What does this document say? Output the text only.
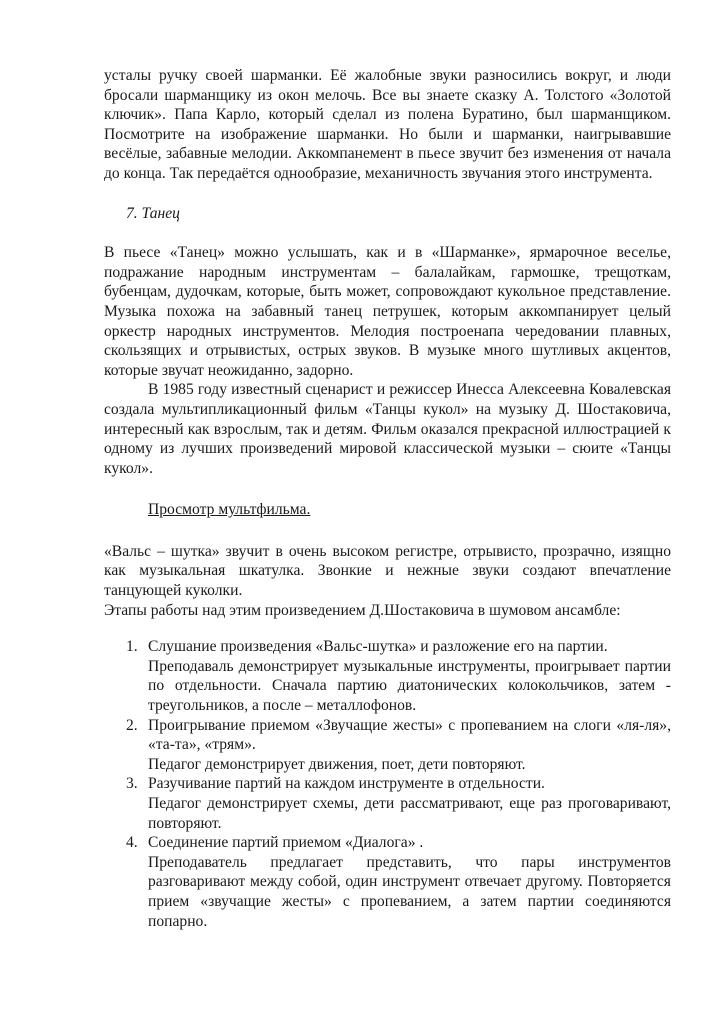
усталы ручку своей шарманки. Её жалобные звуки разносились вокруг, и люди бросали шарманщику из окон мелочь. Все вы знаете сказку А. Толстого «Золотой ключик». Папа Карло, который сделал из полена Буратино, был шарманщиком. Посмотрите на изображение шарманки. Но были и шарманки, наигрывавшие весёлые, забавные мелодии. Аккомпанемент в пьесе звучит без изменения от начала до конца. Так передаётся однообразие, механичность звучания этого инструмента.

7. Танец

В пьесе «Танец» можно услышать, как и в «Шарманке», ярмарочное веселье, подражание народным инструментам – балалайкам, гармошке, трещоткам, бубенцам, дудочкам, которые, быть может, сопровождают кукольное представление. Музыка похожа на забавный танец петрушек, которым аккомпанирует целый оркестр народных инструментов. Мелодия построенапа чередовании плавных, скользящих и отрывистых, острых звуков. В музыке много шутливых акцентов, которые звучат неожиданно, задорно.

В 1985 году известный сценарист и режиссер Инесса Алексеевна Ковалевская создала мультипликационный фильм «Танцы кукол» на музыку Д. Шостаковича, интересный как взрослым, так и детям. Фильм оказался прекрасной иллюстрацией к одному из лучших произведений мировой классической музыки – сюите «Танцы кукол».

Просмотр мультфильма.

«Вальс – шутка» звучит в очень высоком регистре, отрывисто, прозрачно, изящно как музыкальная шкатулка. Звонкие и нежные звуки создают впечатление танцующей куколки.

Этапы работы над этим произведением Д.Шостаковича в шумовом ансамбле:

1. Слушание произведения «Вальс-шутка» и разложение его на партии.
Преподаваль демонстрирует музыкальные инструменты, проигрывает партии по отдельности. Сначала партию диатонических колокольчиков, затем - треугольников, а после – металлофонов.
2. Проигрывание приемом «Звучащие жесты» с пропеванием на слоги «ля-ля», «та-та», «трям».
Педагог демонстрирует движения, поет, дети повторяют.
3. Разучивание партий на каждом инструменте в отдельности.
Педагог демонстрирует схемы, дети рассматривают, еще раз проговаривают, повторяют.
4. Соединение партий приемом «Диалога» .
Преподаватель предлагает представить, что пары инструментов разговаривают между собой, один инструмент отвечает другому. Повторяется прием «звучащие жесты» с пропеванием, а затем партии соединяются попарно.
